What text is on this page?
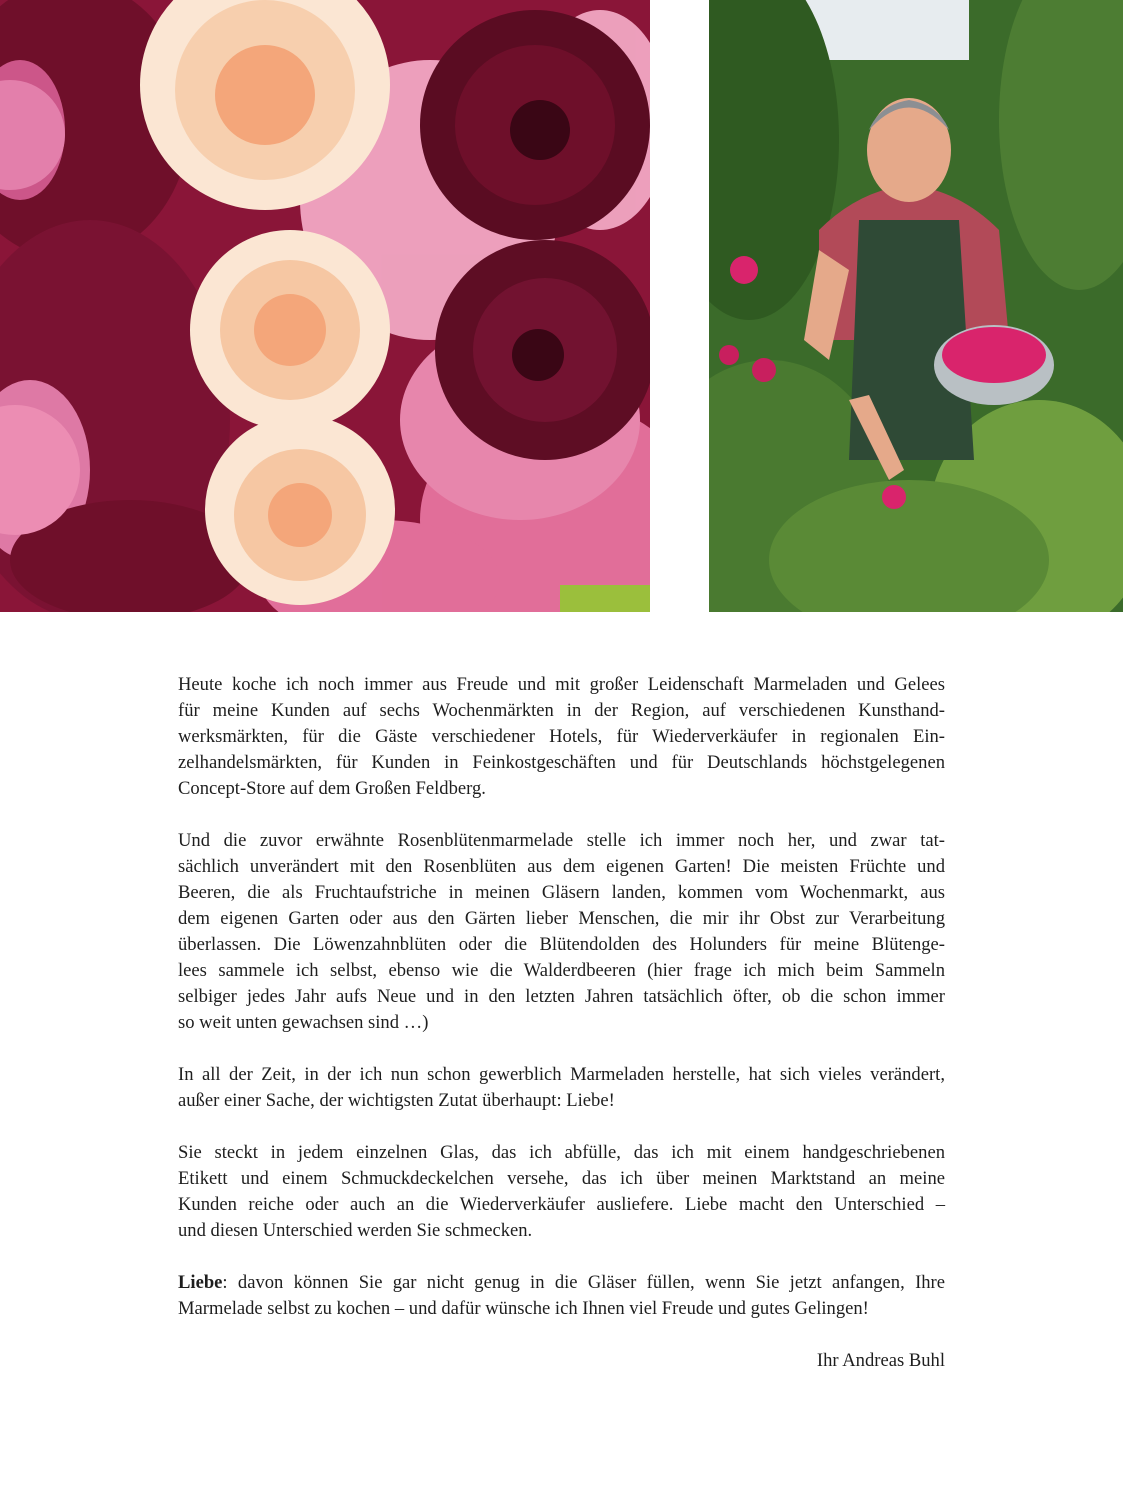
Heute koche ich noch immer aus Freude und mit großer Leidenschaft Marmeladen und Gelees
für meine Kunden auf sechs Wochenmärkten in der Region, auf verschiedenen Kunsthand-
werksmärkten, für die Gäste verschiedener Hotels, für Wiederverkäufer in regionalen Ein-
zelhandelsmärkten, für Kunden in Feinkostgeschäften und für Deutschlands höchstgelegenen
Concept-Store auf dem Großen Feldberg.

Und die zuvor erwähnte Rosenblütenmarmelade stelle ich immer noch her, und zwar tat-
sächlich unverändert mit den Rosenblüten aus dem eigenen Garten! Die meisten Früchte und
Beeren, die als Fruchtaufstriche in meinen Gläsern landen, kommen vom Wochenmarkt, aus
dem eigenen Garten oder aus den Gärten lieber Menschen, die mir ihr Obst zur Verarbeitung
überlassen. Die Löwenzahnblüten oder die Blütendolden des Holunders für meine Blütenge-
lees sammele ich selbst, ebenso wie die Walderdbeeren (hier frage ich mich beim Sammeln
selbiger jedes Jahr aufs Neue und in den letzten Jahren tatsächlich öfter, ob die schon immer
so weit unten gewachsen sind …)

In all der Zeit, in der ich nun schon gewerblich Marmeladen herstelle, hat sich vieles verändert,
außer einer Sache, der wichtigsten Zutat überhaupt: Liebe!

Sie steckt in jedem einzelnen Glas, das ich abfülle, das ich mit einem handgeschriebenen
Etikett und einem Schmuckdeckelchen versehe, das ich über meinen Marktstand an meine
Kunden reiche oder auch an die Wiederverkäufer ausliefere. Liebe macht den Unterschied –
und diesen Unterschied werden Sie schmecken.

Liebe: davon können Sie gar nicht genug in die Gläser füllen, wenn Sie jetzt anfangen, Ihre
Marmelade selbst zu kochen – und dafür wünsche ich Ihnen viel Freude und gutes Gelingen!

Ihr Andreas Buhl
